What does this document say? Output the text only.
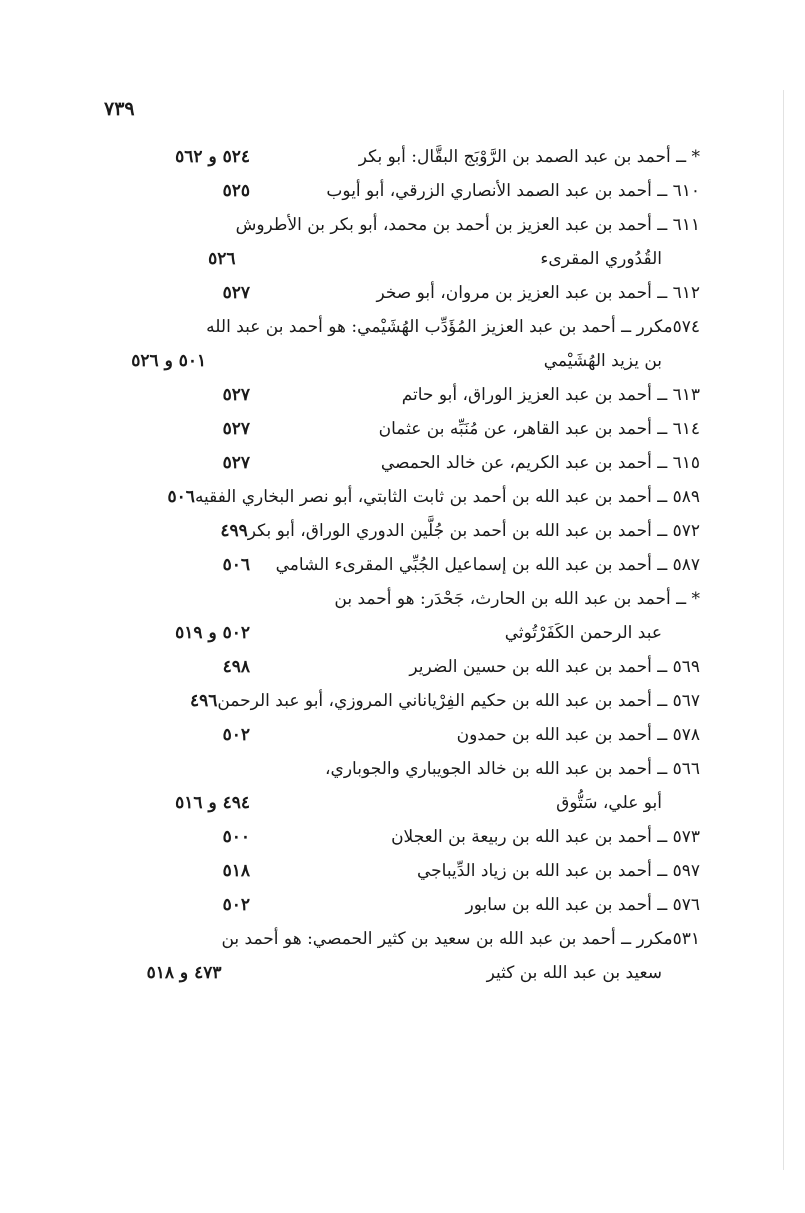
٧٣٩
* ــ أحمد بن عبد الصمد بن الرَّوْبَج البقَّال: أبو بكر
٥٢٤ و ٥٦٢
٦١٠ ــ أحمد بن عبد الصمد الأنصاري الزرقي، أبو أيوب
٥٢٥
٦١١ ــ أحمد بن عبد العزيز بن أحمد بن محمد، أبو بكر بن الأطروش
القُدُوري المقرىء
٥٢٦
٦١٢ ــ أحمد بن عبد العزيز بن مروان، أبو صخر
٥٢٧
٥٧٤مكرر ــ أحمد بن عبد العزيز المُؤَدِّب الهُشَيْمي: هو أحمد بن عبد الله
بن يزيد الهُشَيْمي
٥٠١ و ٥٢٦
٦١٣ ــ أحمد بن عبد العزيز الوراق، أبو حاتم
٥٢٧
٦١٤ ــ أحمد بن عبد القاهر، عن مُنَبِّه بن عثمان
٥٢٧
٦١٥ ــ أحمد بن عبد الكريم، عن خالد الحمصي
٥٢٧
٥٨٩ ــ أحمد بن عبد الله بن أحمد بن ثابت الثابتي، أبو نصر البخاري الفقيه
٥٠٦
٥٧٢ ــ أحمد بن عبد الله بن أحمد بن جُلَّين الدوري الوراق، أبو بكر
٤٩٩
٥٨٧ ــ أحمد بن عبد الله بن إسماعيل الجُبِّي المقرىء الشامي
٥٠٦
* ــ أحمد بن عبد الله بن الحارث، جَحْدَر: هو أحمد بن
عبد الرحمن الكَفَرْتُوثي
٥٠٢ و ٥١٩
٥٦٩ ــ أحمد بن عبد الله بن حسين الضرير
٤٩٨
٥٦٧ ــ أحمد بن عبد الله بن حكيم الفِرْياناني المروزي، أبو عبد الرحمن
٤٩٦
٥٧٨ ــ أحمد بن عبد الله بن حمدون
٥٠٢
٥٦٦ ــ أحمد بن عبد الله بن خالد الجويباري والجوباري،
أبو علي، سَتُّوق
٤٩٤ و ٥١٦
٥٧٣ ــ أحمد بن عبد الله بن ربيعة بن العجلان
٥٠٠
٥٩٧ ــ أحمد بن عبد الله بن زياد الدِّيباجي
٥١٨
٥٧٦ ــ أحمد بن عبد الله بن سابور
٥٠٢
٥٣١مكرر ــ أحمد بن عبد الله بن سعيد بن كثير الحمصي: هو أحمد بن
سعيد بن عبد الله بن كثير
٤٧٣ و ٥١٨
